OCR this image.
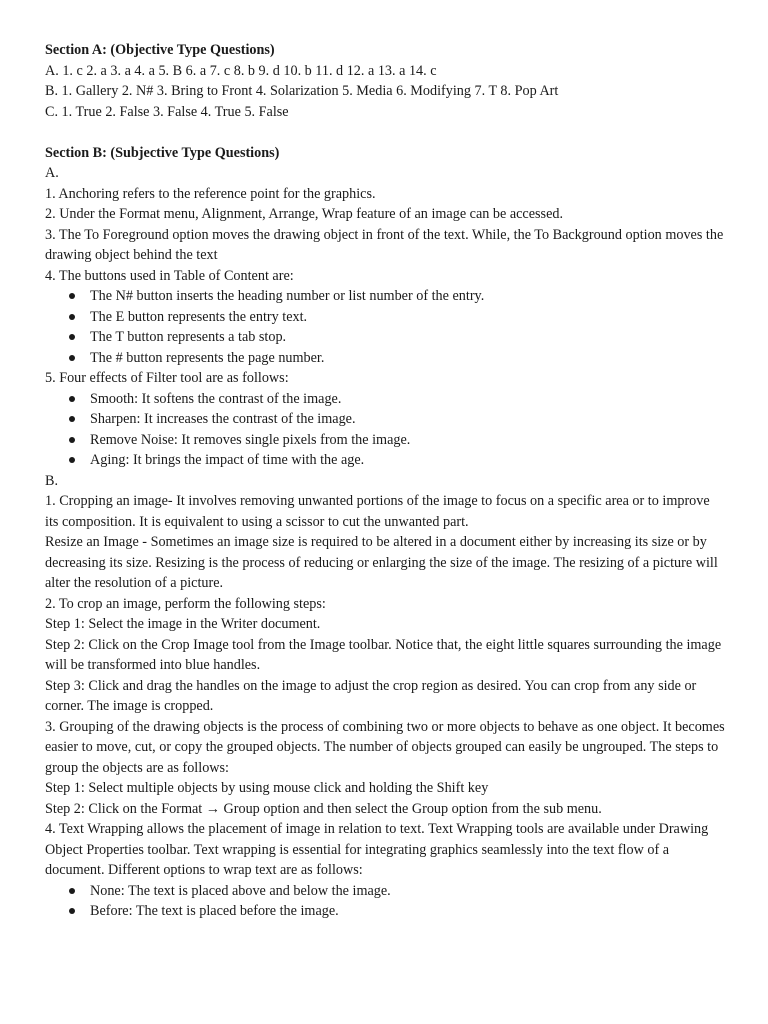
Section A: (Objective Type Questions)
A. 1. c 2. a 3. a 4. a 5. B 6. a 7. c 8. b 9. d 10. b 11. d 12. a 13. a 14. c
B. 1. Gallery 2. N# 3. Bring to Front 4. Solarization 5. Media 6. Modifying 7. T 8. Pop Art
C. 1. True 2. False 3. False 4. True 5. False
Section B: (Subjective Type Questions)
A.
1. Anchoring refers to the reference point for the graphics.
2. Under the Format menu, Alignment, Arrange, Wrap feature of an image can be accessed.
3. The To Foreground option moves the drawing object in front of the text. While, the To Background option moves the drawing object behind the text
4. The buttons used in Table of Content are:
The N# button inserts the heading number or list number of the entry.
The E button represents the entry text.
The T button represents a tab stop.
The # button represents the page number.
5. Four effects of Filter tool are as follows:
Smooth: It softens the contrast of the image.
Sharpen: It increases the contrast of the image.
Remove Noise: It removes single pixels from the image.
Aging: It brings the impact of time with the age.
B.
1. Cropping an image- It involves removing unwanted portions of the image to focus on a specific area or to improve its composition. It is equivalent to using a scissor to cut the unwanted part.
Resize an Image - Sometimes an image size is required to be altered in a document either by increasing its size or by decreasing its size. Resizing is the process of reducing or enlarging the size of the image. The resizing of a picture will alter the resolution of a picture.
2. To crop an image, perform the following steps:
Step 1: Select the image in the Writer document.
Step 2: Click on the Crop Image tool from the Image toolbar. Notice that, the eight little squares surrounding the image will be transformed into blue handles.
Step 3: Click and drag the handles on the image to adjust the crop region as desired. You can crop from any side or corner. The image is cropped.
3. Grouping of the drawing objects is the process of combining two or more objects to behave as one object. It becomes easier to move, cut, or copy the grouped objects. The number of objects grouped can easily be ungrouped. The steps to group the objects are as follows:
Step 1: Select multiple objects by using mouse click and holding the Shift key
Step 2: Click on the Format → Group option and then select the Group option from the sub menu.
4. Text Wrapping allows the placement of image in relation to text. Text Wrapping tools are available under Drawing Object Properties toolbar. Text wrapping is essential for integrating graphics seamlessly into the text flow of a document. Different options to wrap text are as follows:
None: The text is placed above and below the image.
Before: The text is placed before the image.
